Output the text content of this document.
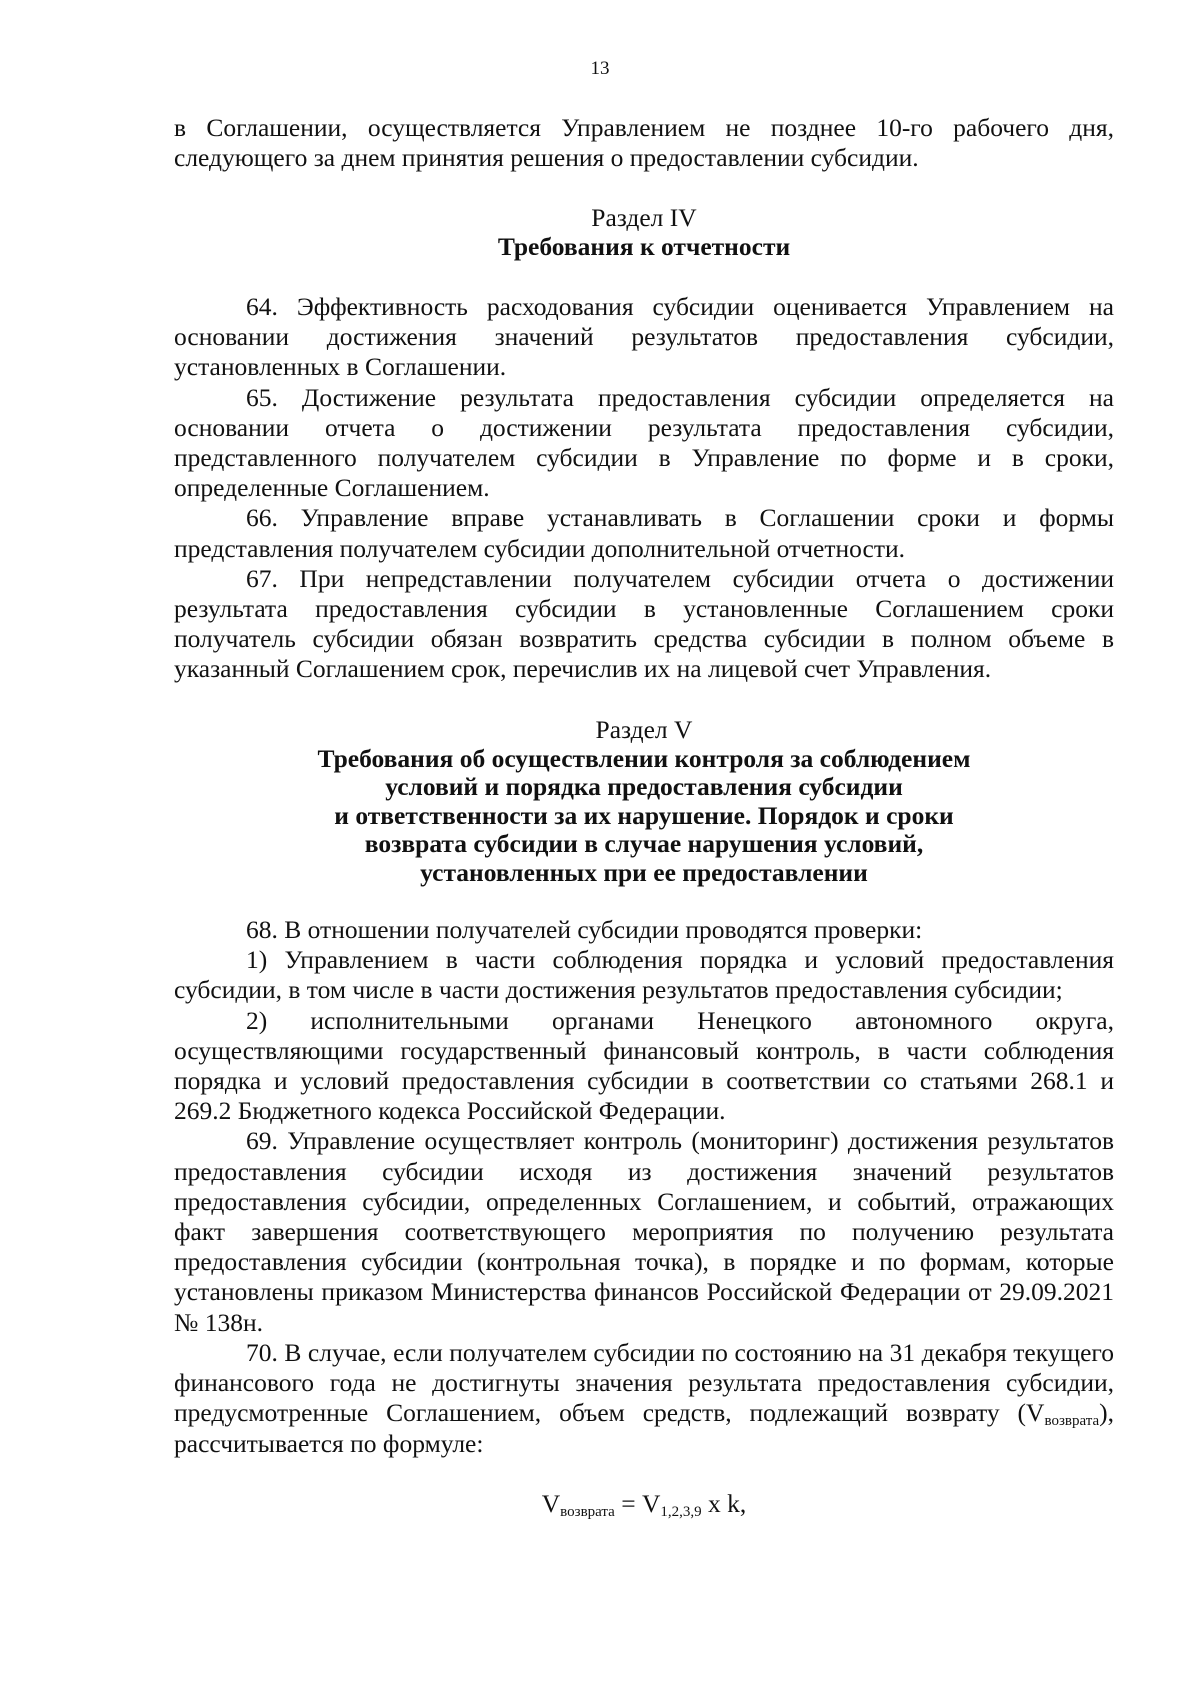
13

в Соглашении, осуществляется Управлением не позднее 10-го рабочего дня, следующего за днем принятия решения о предоставлении субсидии.

Раздел IV
Требования к отчетности

64. Эффективность расходования субсидии оценивается Управлением на основании достижения значений результатов предоставления субсидии, установленных в Соглашении.

65. Достижение результата предоставления субсидии определяется на основании отчета о достижении результата предоставления субсидии, представленного получателем субсидии в Управление по форме и в сроки, определенные Соглашением.

66. Управление вправе устанавливать в Соглашении сроки и формы представления получателем субсидии дополнительной отчетности.

67. При непредставлении получателем субсидии отчета о достижении результата предоставления субсидии в установленные Соглашением сроки получатель субсидии обязан возвратить средства субсидии в полном объеме в указанный Соглашением срок, перечислив их на лицевой счет Управления.

Раздел V
Требования об осуществлении контроля за соблюдением
условий и порядка предоставления субсидии
и ответственности за их нарушение. Порядок и сроки
возврата субсидии в случае нарушения условий,
установленных при ее предоставлении

68. В отношении получателей субсидии проводятся проверки:

1) Управлением в части соблюдения порядка и условий предоставления субсидии, в том числе в части достижения результатов предоставления субсидии;

2) исполнительными органами Ненецкого автономного округа, осуществляющими государственный финансовый контроль, в части соблюдения порядка и условий предоставления субсидии в соответствии со статьями 268.1 и 269.2 Бюджетного кодекса Российской Федерации.

69. Управление осуществляет контроль (мониторинг) достижения результатов предоставления субсидии исходя из достижения значений результатов предоставления субсидии, определенных Соглашением, и событий, отражающих факт завершения соответствующего мероприятия по получению результата предоставления субсидии (контрольная точка), в порядке и по формам, которые установлены приказом Министерства финансов Российской Федерации от 29.09.2021 № 138н.

70. В случае, если получателем субсидии по состоянию на 31 декабря текущего финансового года не достигнуты значения результата предоставления субсидии, предусмотренные Соглашением, объем средств, подлежащий возврату $(V_{возврата})$, рассчитывается по формуле:

$V_{возврата} = V_{1,2,3,9}$ x k,
